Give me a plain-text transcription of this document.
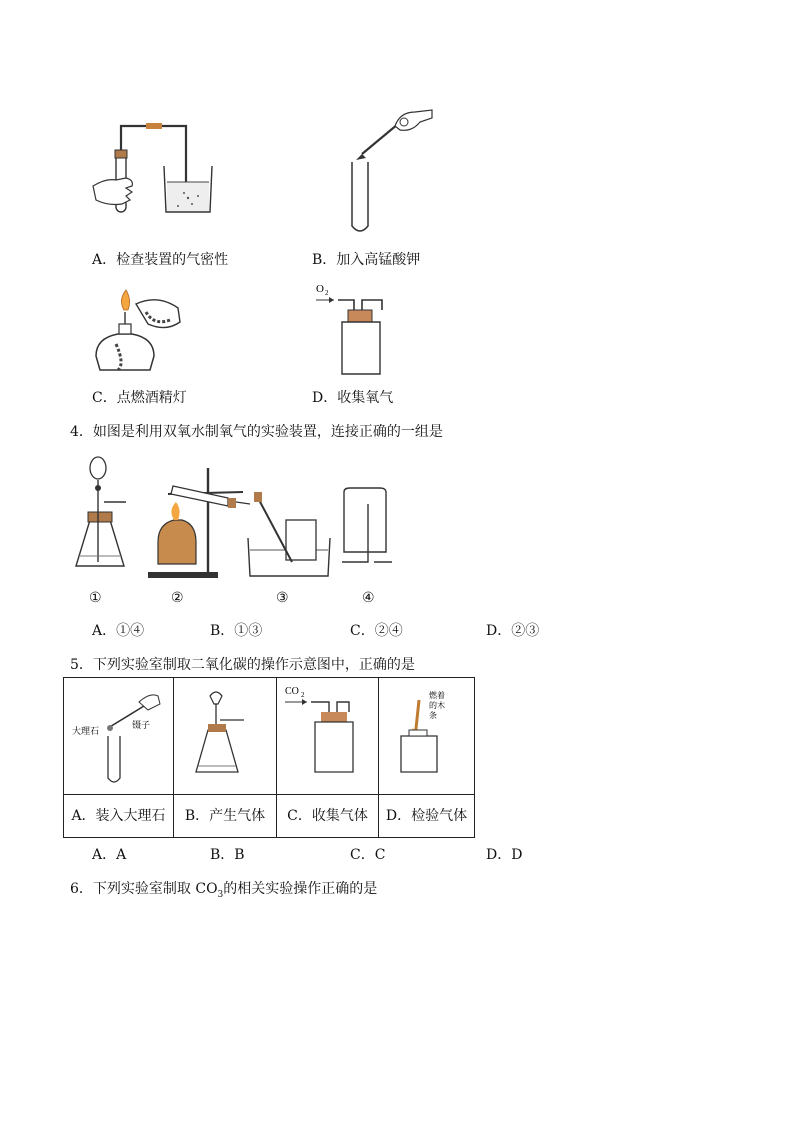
A．检查装置的气密性	B．加入高锰酸钾
C．点燃酒精灯
O 2
D．收集氧气
4．如图是利用双氧水制氧气的实验装置，连接正确的一组是
①	②	③	④
A．①④	B．①③	C．②④	D．②③
5．下列实验室制取二氧化碳的操作示意图中，正确的是
大理石
镊子		CO 2	燃着
的木
条

A．装入大理石	B．产生气体	C．收集气体	D．检验气体
A．A	B．B	C．C	D．D
6．下列实验室制取 $CO_3$的相关实验操作正确的是
